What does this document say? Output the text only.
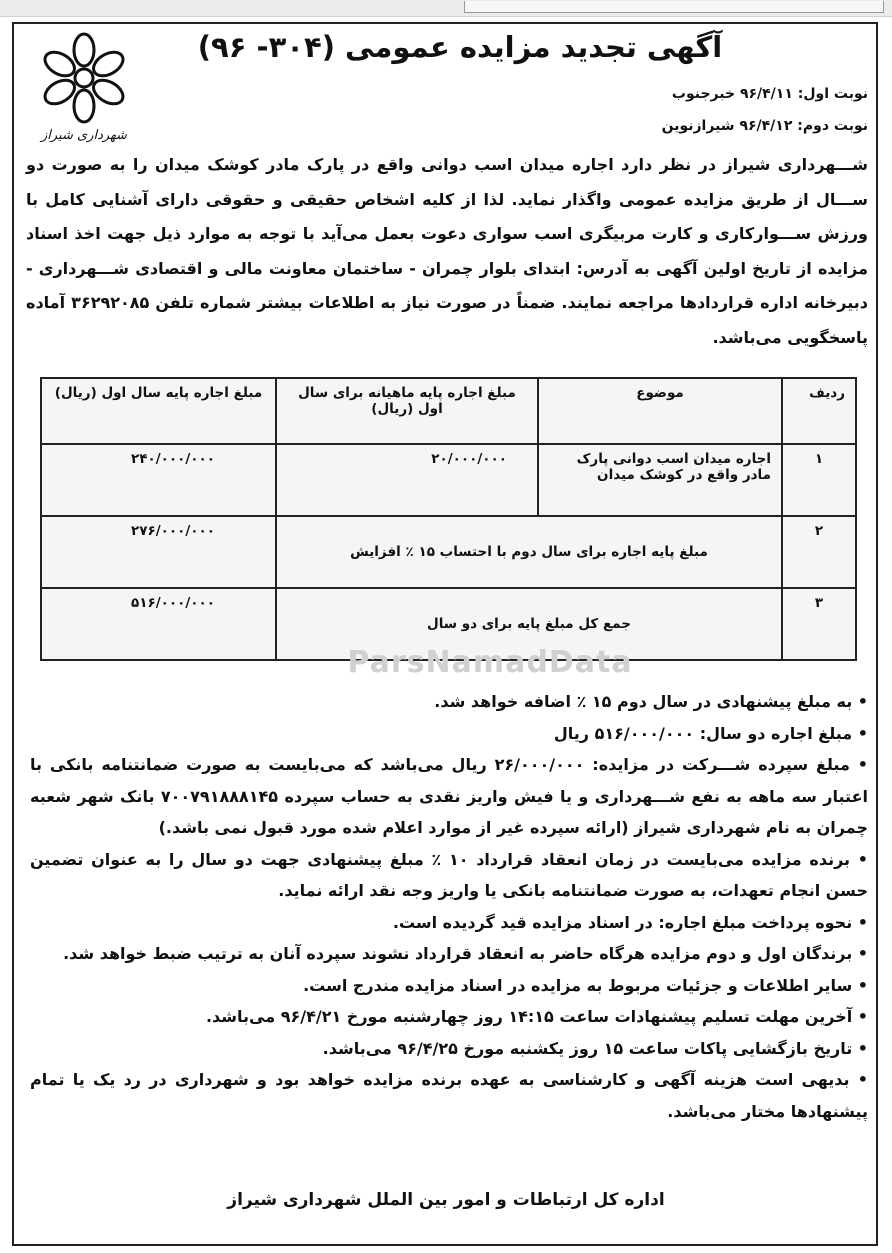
شهرداری شیراز
آگهی تجدید مزایده عمومی (۳۰۴- ۹۶)
نوبت اول: ۹۶/۴/۱۱ خبرجنوب
نوبت دوم: ۹۶/۴/۱۲ شیرازنوین
شـــهرداری شیراز در نظر دارد اجاره میدان اسب دوانی واقع در پارک مادر کوشک میدان را به صورت دو ســـال از طریق مزایده عمومی واگذار نماید. لذا از کلیه اشخاص حقیقی و حقوقی دارای آشنایی کامل با ورزش ســـوارکاری و کارت مربیگری اسب سواری دعوت بعمل می‌آید با توجه به موارد ذیل جهت اخذ اسناد مزایده از تاریخ اولین آگهی به آدرس: ابتدای بلوار چمران - ساختمان معاونت مالی و اقتصادی شـــهرداری - دبیرخانه اداره قراردادها مراجعه نمایند. ضمناً در صورت نیاز به اطلاعات بیشتر شماره تلفن ۳۶۲۹۲۰۸۵ آماده پاسخگویی می‌باشد.
ردیف	موضوع	مبلغ اجاره پایه ماهیانه برای سال اول (ریال)	مبلغ اجاره پایه سال اول (ریال)
۱	اجاره میدان اسب دوانی پارک مادر واقع در کوشک میدان	۲۰/۰۰۰/۰۰۰	۲۴۰/۰۰۰/۰۰۰
۲	مبلغ پایه اجاره برای سال دوم با احتساب ۱۵ ٪ افزایش		۲۷۶/۰۰۰/۰۰۰
۳	جمع کل مبلغ پایه برای دو سال		۵۱۶/۰۰۰/۰۰۰
ParsNamadData
• به مبلغ پیشنهادی در سال دوم ۱۵ ٪ اضافه خواهد شد.
• مبلغ اجاره دو سال: ۵۱۶/۰۰۰/۰۰۰ ریال
• مبلغ سپرده شـــرکت در مزایده: ۲۶/۰۰۰/۰۰۰ ریال می‌باشد که می‌بایست به صورت ضمانتنامه بانکی با اعتبار سه ماهه به نفع شـــهرداری و یا فیش واریز نقدی به حساب سپرده ۷۰۰۷۹۱۸۸۸۱۴۵ بانک شهر شعبه چمران به نام شهرداری شیراز (ارائه سپرده غیر از موارد اعلام شده مورد قبول نمی باشد.)
• برنده مزایده می‌بایست در زمان انعقاد قرارداد ۱۰ ٪ مبلغ پیشنهادی جهت دو سال را به عنوان تضمین حسن انجام تعهدات، به صورت ضمانتنامه بانکی یا واریز وجه نقد ارائه نماید.
• نحوه پرداخت مبلغ اجاره: در اسناد مزایده قید گردیده است.
• برندگان اول و دوم مزایده هرگاه حاضر به انعقاد قرارداد نشوند سپرده آنان به ترتیب ضبط خواهد شد.
• سایر اطلاعات و جزئیات مربوط به مزایده در اسناد مزایده مندرج است.
• آخرین مهلت تسلیم پیشنهادات ساعت ۱۴:۱۵ روز چهارشنبه مورخ ۹۶/۴/۲۱ می‌باشد.
• تاریخ بازگشایی پاکات ساعت ۱۵ روز یکشنبه مورخ ۹۶/۴/۲۵ می‌باشد.
• بدیهی است هزینه آگهی و کارشناسی به عهده برنده مزایده خواهد بود و شهرداری در رد یک یا تمام پیشنهادها مختار می‌باشد.
اداره کل ارتباطات و امور بین الملل شهرداری شیراز
